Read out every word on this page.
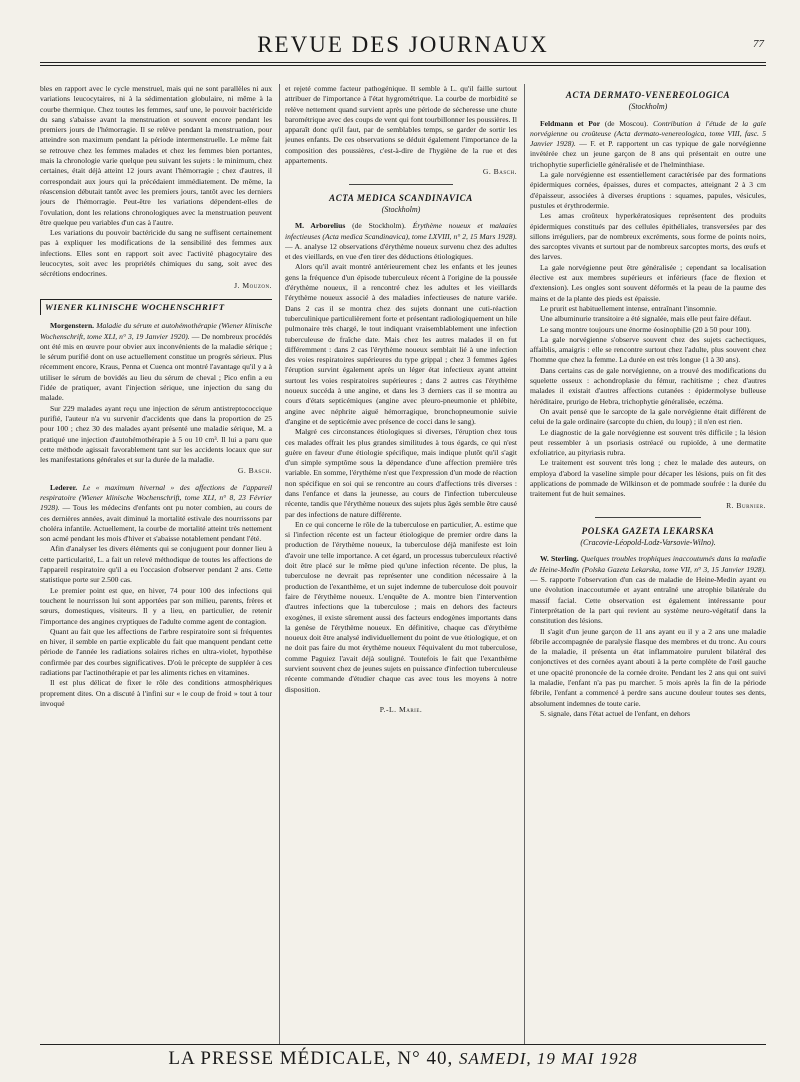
REVUE DES JOURNAUX	77

bles en rapport avec le cycle menstruel, mais qui ne sont parallèles ni aux variations leucocytaires, ni à la sédimentation globulaire, ni même à la courbe thermique. Chez toutes les femmes, sauf une, le pouvoir bactéricide du sang s'abaisse avant la menstruation et souvent encore pendant les premiers jours de l'hémorragie. Il se relève pendant la menstruation, pour atteindre son maximum pendant la période intermenstruelle. Le même fait se retrouve chez les femmes malades et chez les femmes bien portantes, mais la chronologie varie quelque peu suivant les sujets : le minimum, chez certaines, était déjà atteint 12 jours avant l'hémorragie ; chez d'autres, il correspondait aux jours qui la précédaient immédiatement. De même, la réascension débutait tantôt avec les premiers jours, tantôt avec les derniers jours de l'hémorragie. Peut-être les variations dépendent-elles de l'ovulation, dont les relations chronologiques avec la menstruation peuvent être quelque peu variables d'un cas à l'autre.

Les variations du pouvoir bactéricide du sang ne suffisent certainement pas à expliquer les modifications de la sensibilité des femmes aux infections. Elles sont en rapport soit avec l'activité phagocytaire des leucocytes, soit avec les propriétés chimiques du sang, soit avec des sécrétions endocrines.

J. Mouzon.
WIENER KLINISCHE WOCHENSCHRIFT

Morgenstern. Maladie du sérum et autohémothérapie (Wiener klinische Wochenschrift, tome XLI, n° 3, 19 Janvier 1920). — De nombreux procédés ont été mis en œuvre pour obvier aux inconvénients de la maladie sérique ; le sérum purifié dont on use actuellement constitue un progrès sérieux. Plus récemment encore, Kraus, Penna et Cuenca ont montré l'avantage qu'il y a à utiliser le sérum de bovidés au lieu du sérum de cheval ; Pico enfin a eu l'idée de pratiquer, avant l'injection sérique, une injection du sang du malade.

Sur 229 malades ayant reçu une injection de sérum antistreptococcique purifié, l'auteur n'a vu survenir d'accidents que dans la proportion de 25 pour 100 ; chez 30 des malades ayant présenté une maladie sérique, M. a pratiqué une injection d'autohémothérapie à 5 ou 10 cm³. Il lui a paru que cette méthode agissait favorablement tant sur les accidents locaux que sur les manifestations générales et sur la durée de la maladie.

G. Basch.

Lederer. Le « maximum hivernal » des affections de l'appareil respiratoire (Wiener klinische Wochenschrift, tome XLI, n° 8, 23 Février 1928). — Tous les médecins d'enfants ont pu noter combien, au cours de ces dernières années, avait diminué la mortalité estivale des nourrissons par choléra infantile. Actuellement, la courbe de mortalité atteint très nettement son acmé pendant les mois d'hiver et s'abaisse notablement pendant l'été.

Afin d'analyser les divers éléments qui se conjuguent pour donner lieu à cette particularité, L. a fait un relevé méthodique de toutes les affections de l'appareil respiratoire qu'il a eu l'occasion d'observer pendant 2 ans. Cette statistique porte sur 2.500 cas.

Le premier point est que, en hiver, 74 pour 100 des infections qui touchent le nourrisson lui sont apportées par son milieu, parents, frères et sœurs, domestiques, visiteurs. Il y a lieu, en particulier, de retenir l'importance des angines cryptiques de l'adulte comme agent de contagion.

Quant au fait que les affections de l'arbre respiratoire sont si fréquentes en hiver, il semble en partie explicable du fait que manquent pendant cette période de l'année les radiations solaires riches en ultra-violet, hypothèse confirmée par des courbes significatives. D'où le précepte de suppléer à ces radiations par l'actinothérapie et par les aliments riches en vitamines.

Il est plus délicat de fixer le rôle des conditions atmosphériques proprement dites. On a discuté à l'infini sur « le coup de froid » tout à tour invoqué

et rejeté comme facteur pathogénique. Il semble à L. qu'il faille surtout attribuer de l'importance à l'état hygrométrique. La courbe de morbidité se relève nettement quand survient après une période de sécheresse une chute barométrique avec des coups de vent qui font tourbillonner les poussières. Il apparaît donc qu'il faut, par de semblables temps, se garder de sortir les jeunes enfants. De ces observations se déduit également l'importance de la composition des poussières, c'est-à-dire de l'hygiène de la rue et des appartements.

G. Basch.
ACTA MEDICA SCANDINAVICA
(Stockholm)

M. Arborelius (de Stockholm). Érythème noueux et malaaies infectieuses (Acta medica Scandinavica), tome LXVIII, n° 2, 15 Mars 1928). — A. analyse 12 observations d'érythème noueux survenu chez des adultes et des vieillards, en vue d'en tirer des déductions étiologiques.

Alors qu'il avait montré antérieurement chez les enfants et les jeunes gens la fréquence d'un épisode tuberculeux récent à l'origine de la poussée d'érythème noueux, il a rencontré chez les adultes et les vieillards l'érythème noueux associé à des maladies infectieuses de nature variée. Dans 2 cas il se montra chez des sujets donnant une cuti-réaction tuberculinique particulièrement forte et présentant radiologiquement un hile pulmonaire très chargé, le tout indiquant vraisemblablement une infection tuberculeuse de fraîche date. Mais chez les autres malades il en fut différemment : dans 2 cas l'érythème noueux semblait lié à une infection des voies respiratoires supérieures du type grippal ; chez 3 femmes âgées l'éruption survint également après un léger état infectieux ayant atteint surtout les voies respiratoires supérieures ; dans 2 autres cas l'érythème noueux succéda à une angine, et dans les 3 derniers cas il se montra au cours d'états septicémiques (angine avec pleuro-pneumonie et phlébite, angine avec néphrite aiguë hémorragique, bronchopneumonie suivie d'angine et de septicémie avec présence de cocci dans le sang).

Malgré ces circonstances étiologiques si diverses, l'éruption chez tous ces malades offrait les plus grandes similitudes à tous égards, ce qui n'est guère en faveur d'une étiologie spécifique, mais indique plutôt qu'il s'agit d'un simple symptôme sous la dépendance d'une affection première très variable. En somme, l'érythème n'est que l'expression d'un mode de réaction non spécifique en soi qui se rencontre au cours d'affections très diverses : dans l'enfance et dans la jeunesse, au cours de l'infection tuberculeuse récente, tandis que l'érythème noueux des sujets plus âgés semble être causé par des infections de nature différente.

En ce qui concerne le rôle de la tuberculose en particulier, A. estime que si l'infection récente est un facteur étiologique de premier ordre dans la production de l'érythème noueux, la tuberculose déjà manifeste est loin d'avoir une telle importance. A cet égard, un processus tuberculeux réactivé doit être placé sur le même pied qu'une infection récente. De plus, la tuberculose ne devrait pas représenter une condition nécessaire à la production de l'exanthème, et un sujet indemne de tuberculose doit pouvoir faire de l'érythème noueux. L'enquête de A. montre bien l'intervention d'autres infections que la tuberculose ; mais en dehors des facteurs exogènes, il existe sûrement aussi des facteurs endogènes importants dans la genèse de l'érythème noueux. En définitive, chaque cas d'érythème noueux doit être analysé individuellement du point de vue étiologique, et on ne doit pas faire du mot érythème noueux l'équivalent du mot tuberculose, comme Paguiez l'avait déjà souligné. Toutefois le fait que l'exanthème survient souvent chez de jeunes sujets en puissance d'infection tuberculeuse récente commande d'étudier chaque cas avec tous les moyens à notre disposition.

P.-L. Marie.
ACTA DERMATO-VENEREOLOGICA
(Stockholm)

Feldmann et Por (de Moscou). Contribution à l'étude de la gale norvégienne ou croûteuse (Acta dermato-venereologica, tome VIII, fasc. 5 Janvier 1928). — F. et P. rapportent un cas typique de gale norvégienne invétérée chez un jeune garçon de 8 ans qui présentait en outre une trichophytie superficielle généralisée et de l'helminthiase.

La gale norvégienne est essentiellement caractérisée par des formations épidermiques cornées, épaisses, dures et compactes, atteignant 2 à 3 cm d'épaisseur, associées à diverses éruptions : squames, papules, vésicules, pustules et érythrodermie.

Les amas croûteux hyperkératosiques représentent des produits épidermiques constitués par des cellules épithéliales, transversées par des sillons irréguliers, par de nombreux excréments, sous forme de points noirs, des sarcoptes vivants et surtout par de nombreux sarcoptes morts, des œufs et des larves.

La gale norvégienne peut être généralisée ; cependant sa localisation élective est aux membres supérieurs et inférieurs (face de flexion et d'extension). Les ongles sont souvent déformés et la peau de la paume des mains et de la plante des pieds est épaissie.

Le prurit est habituellement intense, entraînant l'insomnie.

Une albuminurie transitoire a été signalée, mais elle peut faire défaut.

Le sang montre toujours une énorme éosinophilie (20 à 50 pour 100).

La gale norvégienne s'observe souvent chez des sujets cachectiques, affaiblis, amaigris : elle se rencontre surtout chez l'adulte, plus souvent chez l'homme que chez la femme. La durée en est très longue (1 à 30 ans).

Dans certains cas de gale norvégienne, on a trouvé des modifications du squelette osseux : achondroplasie du fémur, rachitisme ; chez d'autres malades il existait d'autres affections cutanées : épidermolyse bulleuse héréditaire, prurigo de Hebra, trichophytie généralisée, eczéma.

On avait pensé que le sarcopte de la gale norvégienne était différent de celui de la gale ordinaire (sarcopte du chien, du loup) ; il n'en est rien.

Le diagnostic de la gale norvégienne est souvent très difficile ; la lésion peut ressembler à un psoriasis ostréacé ou rupioïde, à une dermatite exfoliatrice, au pityriasis rubra.

Le traitement est souvent très long ; chez le malade des auteurs, on employa d'abord la vaseline simple pour décaper les lésions, puis on fit des applications de pommade de Wilkinson et de pommade soufrée : la durée du traitement fut de huit semaines.

R. Burnier.
POLSKA GAZETA LEKARSKA
(Cracovie-Léopold-Lodz-Varsovie-Wilno).

W. Sterling. Quelques troubles trophiques inaccoutumés dans la maladie de Heine-Medin (Polska Gazeta Lekarska, tome VII, n° 3, 15 Janvier 1928). — S. rapporte l'observation d'un cas de maladie de Heine-Medin ayant eu une évolution inaccoutumée et ayant entraîné une atrophie bilatérale du massif facial. Cette observation est également intéressante pour l'interprétation de la part qui revient au système neuro-végétatif dans la constitution des lésions.

Il s'agit d'un jeune garçon de 11 ans ayant eu il y a 2 ans une maladie fébrile accompagnée de paralysie flasque des membres et du tronc. Au cours de la maladie, il présenta un état inflammatoire purulent bilatéral des conjonctives et des cornées ayant abouti à la perte complète de l'œil gauche et une opacité prononcée de la cornée droite. Pendant les 2 ans qui ont suivi la maladie, l'enfant n'a pas pu marcher. 5 mois après la fin de la période fébrile, l'enfant a commencé à perdre sans aucune douleur toutes ses dents, absolument indemnes de toute carie.

S. signale, dans l'état actuel de l'enfant, en dehors

LA PRESSE MÉDICALE, N° 40, SAMEDI, 19 MAI 1928
